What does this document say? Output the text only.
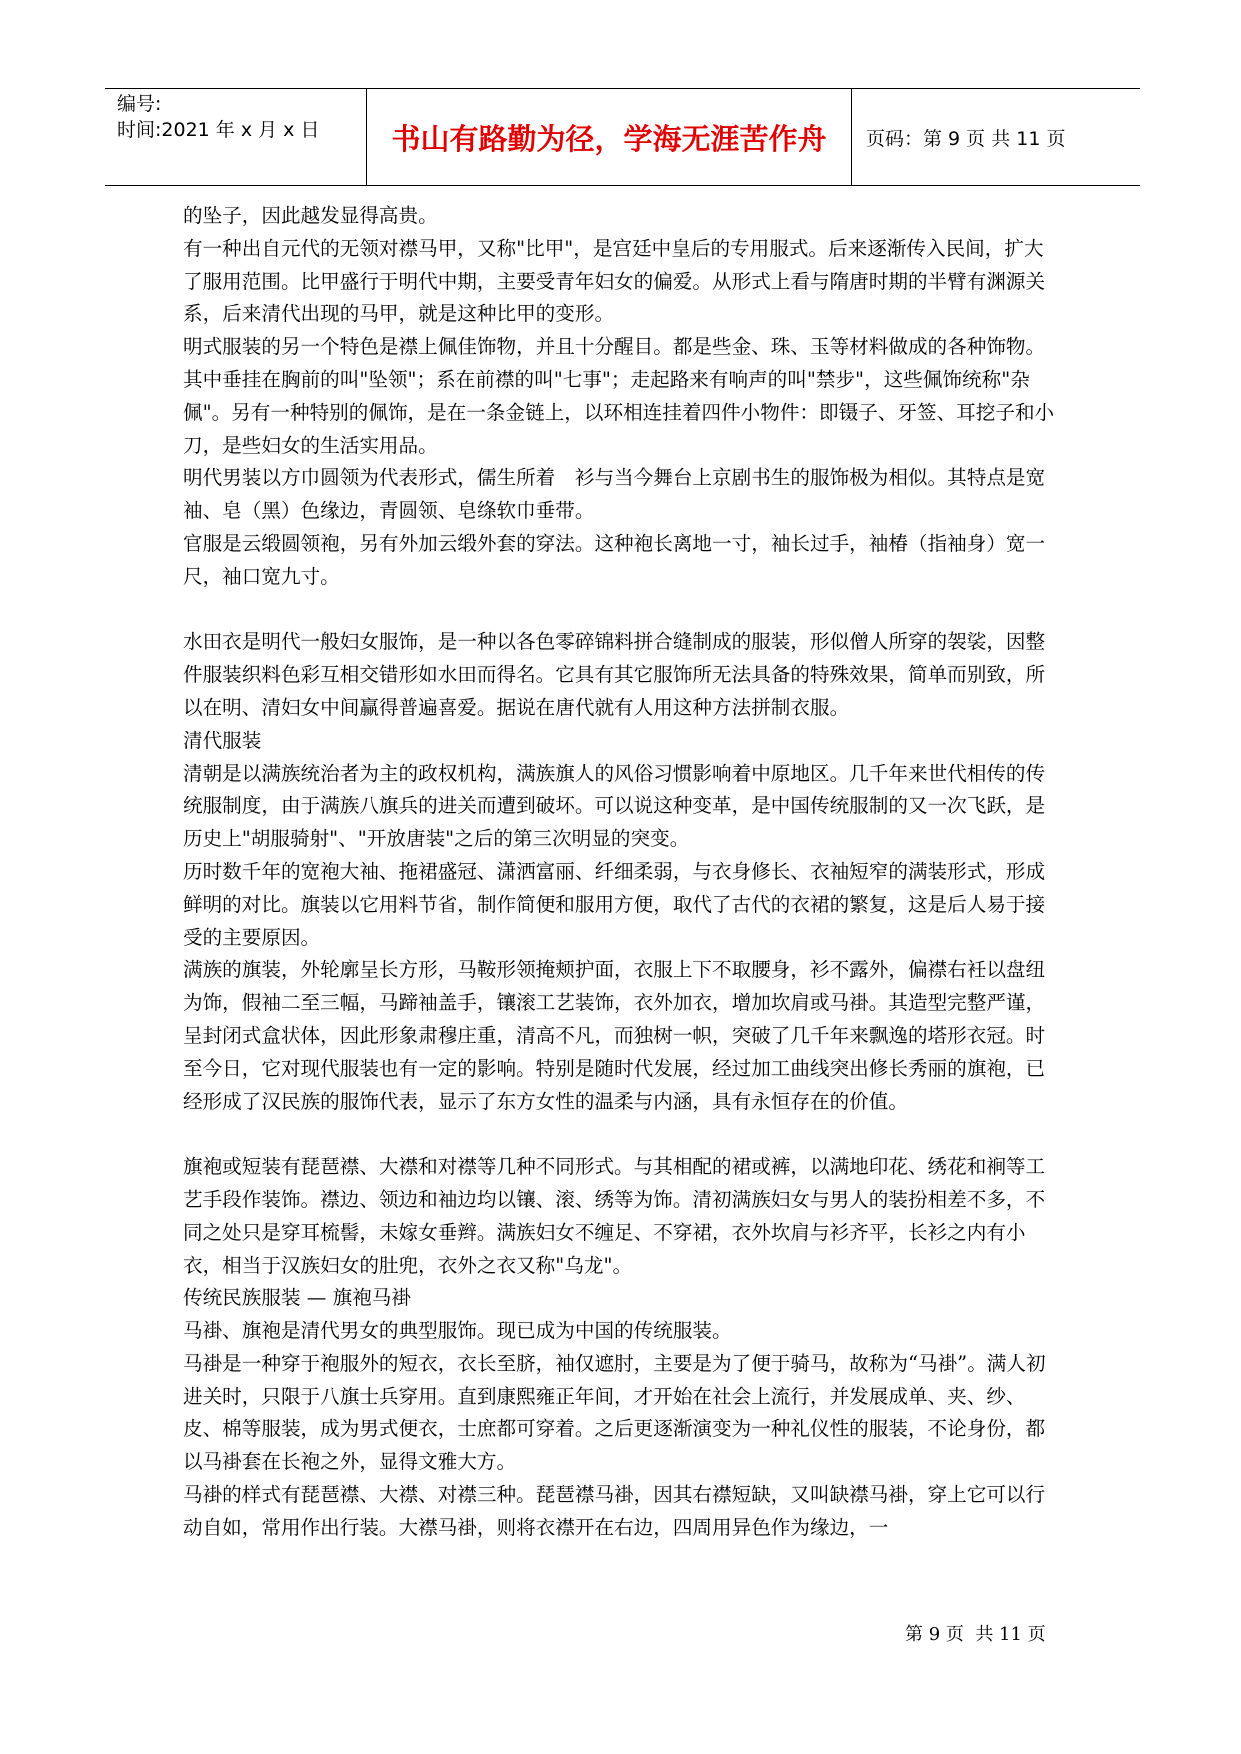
编号:
时间:2021 年 x 月 x 日	书山有路勤为径，学海无涯苦作舟	页码：第 9 页 共 11 页

的坠子，因此越发显得高贵。

有一种出自元代的无领对襟马甲，又称"比甲"，是宫廷中皇后的专用服式。后来逐渐传入民间，扩大了服用范围。比甲盛行于明代中期，主要受青年妇女的偏爱。从形式上看与隋唐时期的半臂有渊源关系，后来清代出现的马甲，就是这种比甲的变形。

明式服装的另一个特色是襟上佩佳饰物，并且十分醒目。都是些金、珠、玉等材料做成的各种饰物。其中垂挂在胸前的叫"坠领"；系在前襟的叫"七事"；走起路来有响声的叫"禁步"，这些佩饰统称"杂佩"。另有一种特别的佩饰，是在一条金链上，以环相连挂着四件小物件：即镊子、牙签、耳挖子和小刀，是些妇女的生活实用品。

明代男装以方巾圆领为代表形式，儒生所着　衫与当今舞台上京剧书生的服饰极为相似。其特点是宽袖、皂（黑）色缘边，青圆领、皂绦软巾垂带。

官服是云缎圆领袍，另有外加云缎外套的穿法。这种袍长离地一寸，袖长过手，袖椿（指袖身）宽一尺，袖口宽九寸。

水田衣是明代一般妇女服饰，是一种以各色零碎锦料拼合缝制成的服装，形似僧人所穿的袈裟，因整件服装织料色彩互相交错形如水田而得名。它具有其它服饰所无法具备的特殊效果，简单而别致，所以在明、清妇女中间赢得普遍喜爱。据说在唐代就有人用这种方法拼制衣服。

清代服装

清朝是以满族统治者为主的政权机构，满族旗人的风俗习惯影响着中原地区。几千年来世代相传的传统服制度，由于满族八旗兵的进关而遭到破坏。可以说这种变革，是中国传统服制的又一次飞跃，是历史上"胡服骑射"、"开放唐装"之后的第三次明显的突变。

历时数千年的宽袍大袖、拖裙盛冠、潇洒富丽、纤细柔弱，与衣身修长、衣袖短窄的满装形式，形成鲜明的对比。旗装以它用料节省，制作简便和服用方便，取代了古代的衣裙的繁复，这是后人易于接受的主要原因。

满族的旗装，外轮廓呈长方形，马鞍形领掩颊护面，衣服上下不取腰身，衫不露外，偏襟右衽以盘纽为饰，假袖二至三幅，马蹄袖盖手，镶滚工艺装饰，衣外加衣，增加坎肩或马褂。其造型完整严谨，呈封闭式盒状体，因此形象肃穆庄重，清高不凡，而独树一帜，突破了几千年来飘逸的塔形衣冠。时至今日，它对现代服装也有一定的影响。特别是随时代发展，经过加工曲线突出修长秀丽的旗袍，已经形成了汉民族的服饰代表，显示了东方女性的温柔与内涵，具有永恒存在的价值。

旗袍或短装有琵琶襟、大襟和对襟等几种不同形式。与其相配的裙或裤，以满地印花、绣花和裥等工艺手段作装饰。襟边、领边和袖边均以镶、滚、绣等为饰。清初满族妇女与男人的装扮相差不多，不同之处只是穿耳梳髻，未嫁女垂辫。满族妇女不缠足、不穿裙，衣外坎肩与衫齐平，长衫之内有小衣，相当于汉族妇女的肚兜，衣外之衣又称"乌龙"。

传统民族服装 — 旗袍马褂

马褂、旗袍是清代男女的典型服饰。现已成为中国的传统服装。

马褂是一种穿于袍服外的短衣，衣长至脐，袖仅遮肘，主要是为了便于骑马，故称为“马褂”。满人初进关时，只限于八旗士兵穿用。直到康熙雍正年间，才开始在社会上流行，并发展成单、夹、纱、皮、棉等服装，成为男式便衣，士庶都可穿着。之后更逐渐演变为一种礼仪性的服装，不论身份，都以马褂套在长袍之外，显得文雅大方。

马褂的样式有琵琶襟、大襟、对襟三种。琵琶襟马褂，因其右襟短缺，又叫缺襟马褂，穿上它可以行动自如，常用作出行装。大襟马褂，则将衣襟开在右边，四周用异色作为缘边，一

第 9 页  共 11 页
